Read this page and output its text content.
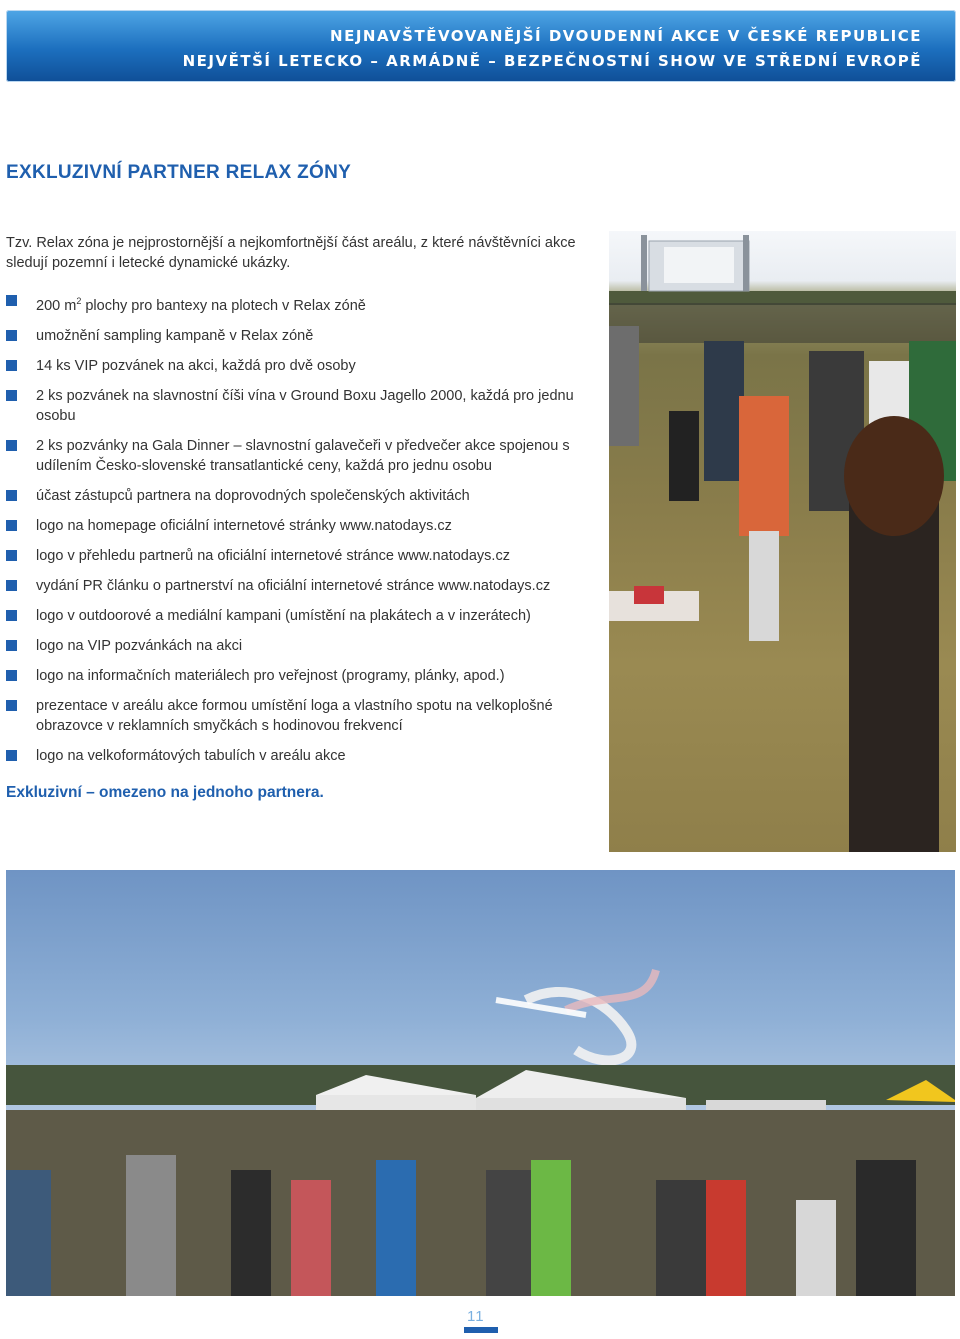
NEJNAVŠTĚVOVANĚJŠÍ DVOUDENNÍ AKCE V ČESKÉ REPUBLICE
NEJVĚTŠÍ LETECKO – ARMÁDNĚ – BEZPEČNOSTNÍ SHOW VE STŘEDNÍ EVROPĚ
EXKLUZIVNÍ PARTNER RELAX ZÓNY
Tzv. Relax zóna je nejprostornější a nejkomfortnější část areálu, z které návštěvníci akce sledují pozemní i letecké dynamické ukázky.
200 $m^2$ plochy pro bantexy na plotech v Relax zóně
umožnění sampling kampaně v Relax zóně
14 ks VIP pozvánek na akci, každá pro dvě osoby
2 ks pozvánek na slavnostní číši vína v Ground Boxu Jagello 2000, každá pro jednu osobu
2 ks pozvánky na Gala Dinner – slavnostní galavečeři v předvečer akce spojenou s udílením Česko-slovenské transatlantické ceny, každá pro jednu osobu
účast zástupců partnera na doprovodných společenských aktivitách
logo na homepage oficiální internetové stránky www.natodays.cz
logo v přehledu partnerů na oficiální internetové stránce www.natodays.cz
vydání PR článku o partnerství na oficiální internetové stránce www.natodays.cz
logo v outdoorové a mediální kampani (umístění na plakátech a v inzerátech)
logo na VIP pozvánkách na akci
logo na informačních materiálech pro veřejnost (programy, plánky, apod.)
prezentace v areálu akce formou umístění loga a vlastního spotu na velkoplošné obrazovce v reklamních smyčkách s hodinovou frekvencí
logo na velkoformátových tabulích v areálu akce
Exkluzivní – omezeno na jednoho partnera.
11
